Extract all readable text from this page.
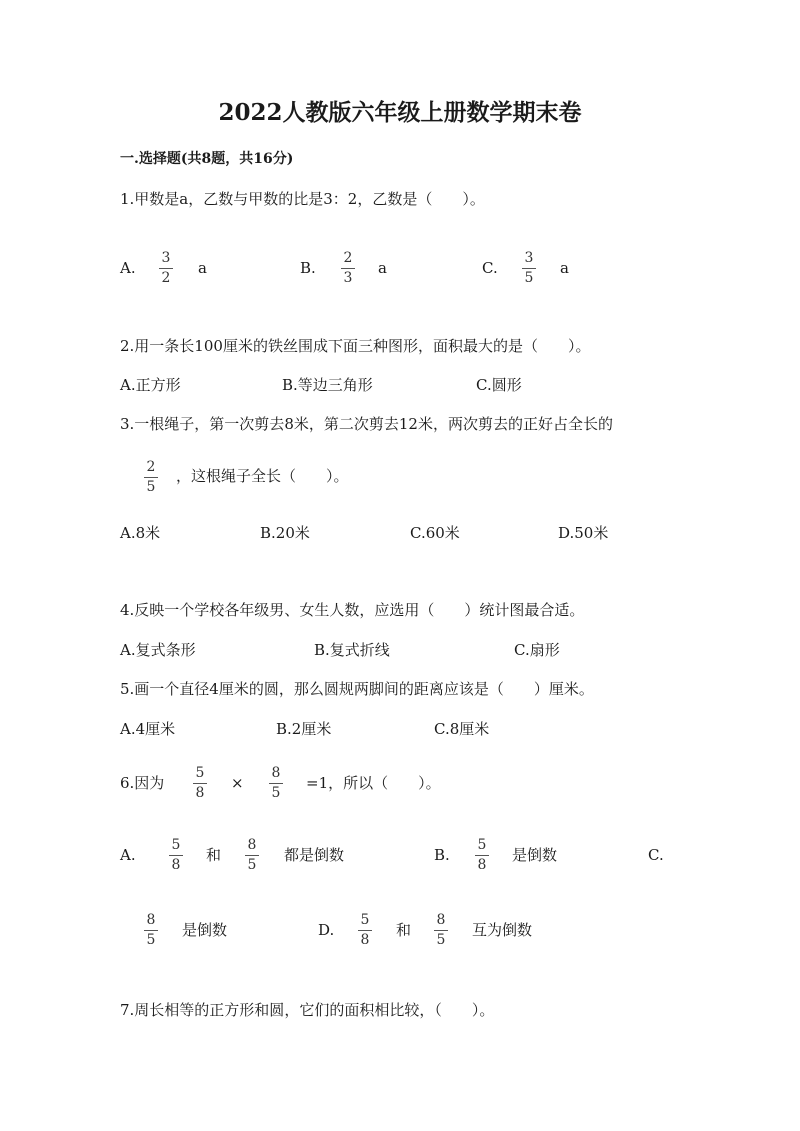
2022人教版六年级上册数学期末卷
一.选择题(共8题，共16分)
1.甲数是a，乙数与甲数的比是3：2，乙数是（　　）。
A.
3
2
a	B.
2
3
a	C.
3
5
a
2.用一条长100厘米的铁丝围成下面三种图形，面积最大的是（　　）。
A.正方形	B.等边三角形	C.圆形
3.一根绳子，第一次剪去8米，第二次剪去12米，两次剪去的正好占全长的
2
5
，这根绳子全长（　　）。
A.8米	B.20米	C.60米	D.50米
4.反映一个学校各年级男、女生人数，应选用（　　）统计图最合适。
A.复式条形	B.复式折线	C.扇形
5.画一个直径4厘米的圆，那么圆规两脚间的距离应该是（　　）厘米。
A.4厘米	B.2厘米	C.8厘米
6.因为
5
8
×
8
5
=1，所以（　　）。
A.
5
8
和
8
5
都是倒数	B.
5
8
是倒数	C.
8
5
是倒数	D.
5
8
和
8
5
互为倒数
7.周长相等的正方形和圆，它们的面积相比较，（　　）。
